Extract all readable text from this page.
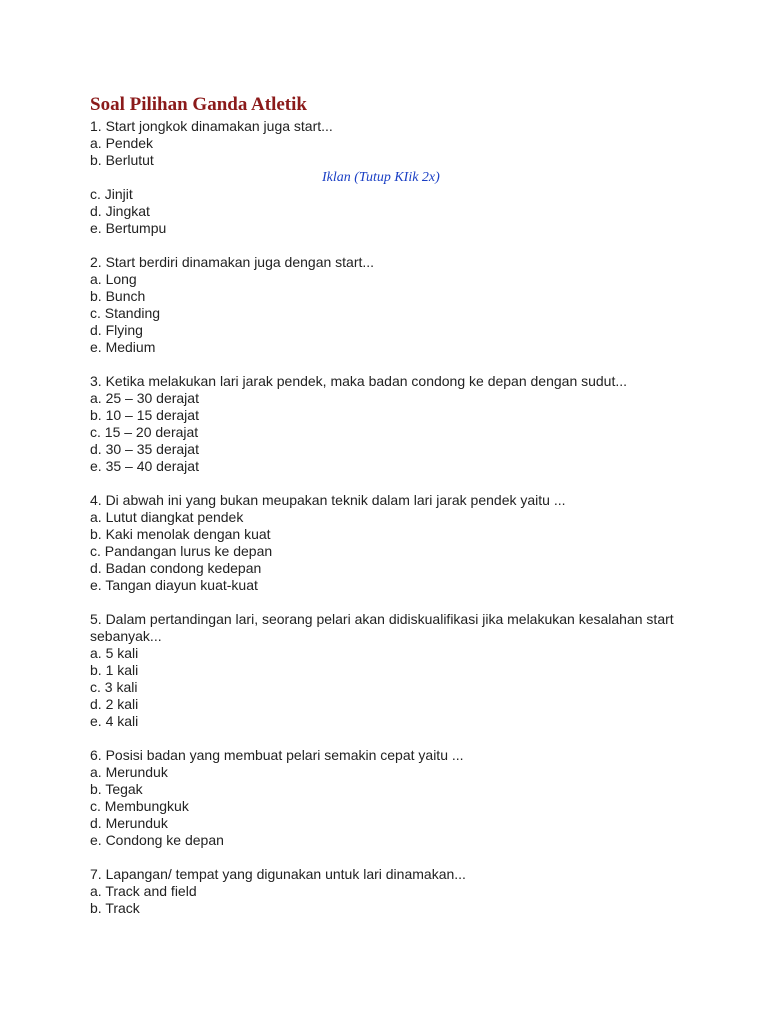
Soal Pilihan Ganda Atletik
1. Start jongkok dinamakan juga start...
a. Pendek
b. Berlutut
Iklan (Tutup KIik 2x)
c. Jinjit
d. Jingkat
e. Bertumpu
2. Start berdiri dinamakan juga dengan start...
a. Long
b. Bunch
c. Standing
d. Flying
e. Medium
3. Ketika melakukan lari jarak pendek, maka badan condong ke depan dengan sudut...
a. 25 – 30 derajat
b. 10 – 15 derajat
c. 15 – 20 derajat
d. 30 – 35 derajat
e. 35 – 40 derajat
4. Di abwah ini yang bukan meupakan teknik dalam lari jarak pendek yaitu ...
a. Lutut diangkat pendek
b. Kaki menolak dengan kuat
c. Pandangan lurus ke depan
d. Badan condong kedepan
e. Tangan diayun kuat-kuat
5. Dalam pertandingan lari, seorang pelari akan didiskualifikasi jika melakukan kesalahan start sebanyak...
a. 5 kali
b. 1 kali
c. 3 kali
d. 2 kali
e. 4 kali
6. Posisi badan yang membuat pelari semakin cepat yaitu ...
a. Merunduk
b. Tegak
c. Membungkuk
d. Merunduk
e. Condong ke depan
7. Lapangan/ tempat yang digunakan untuk lari dinamakan...
a. Track and field
b. Track
